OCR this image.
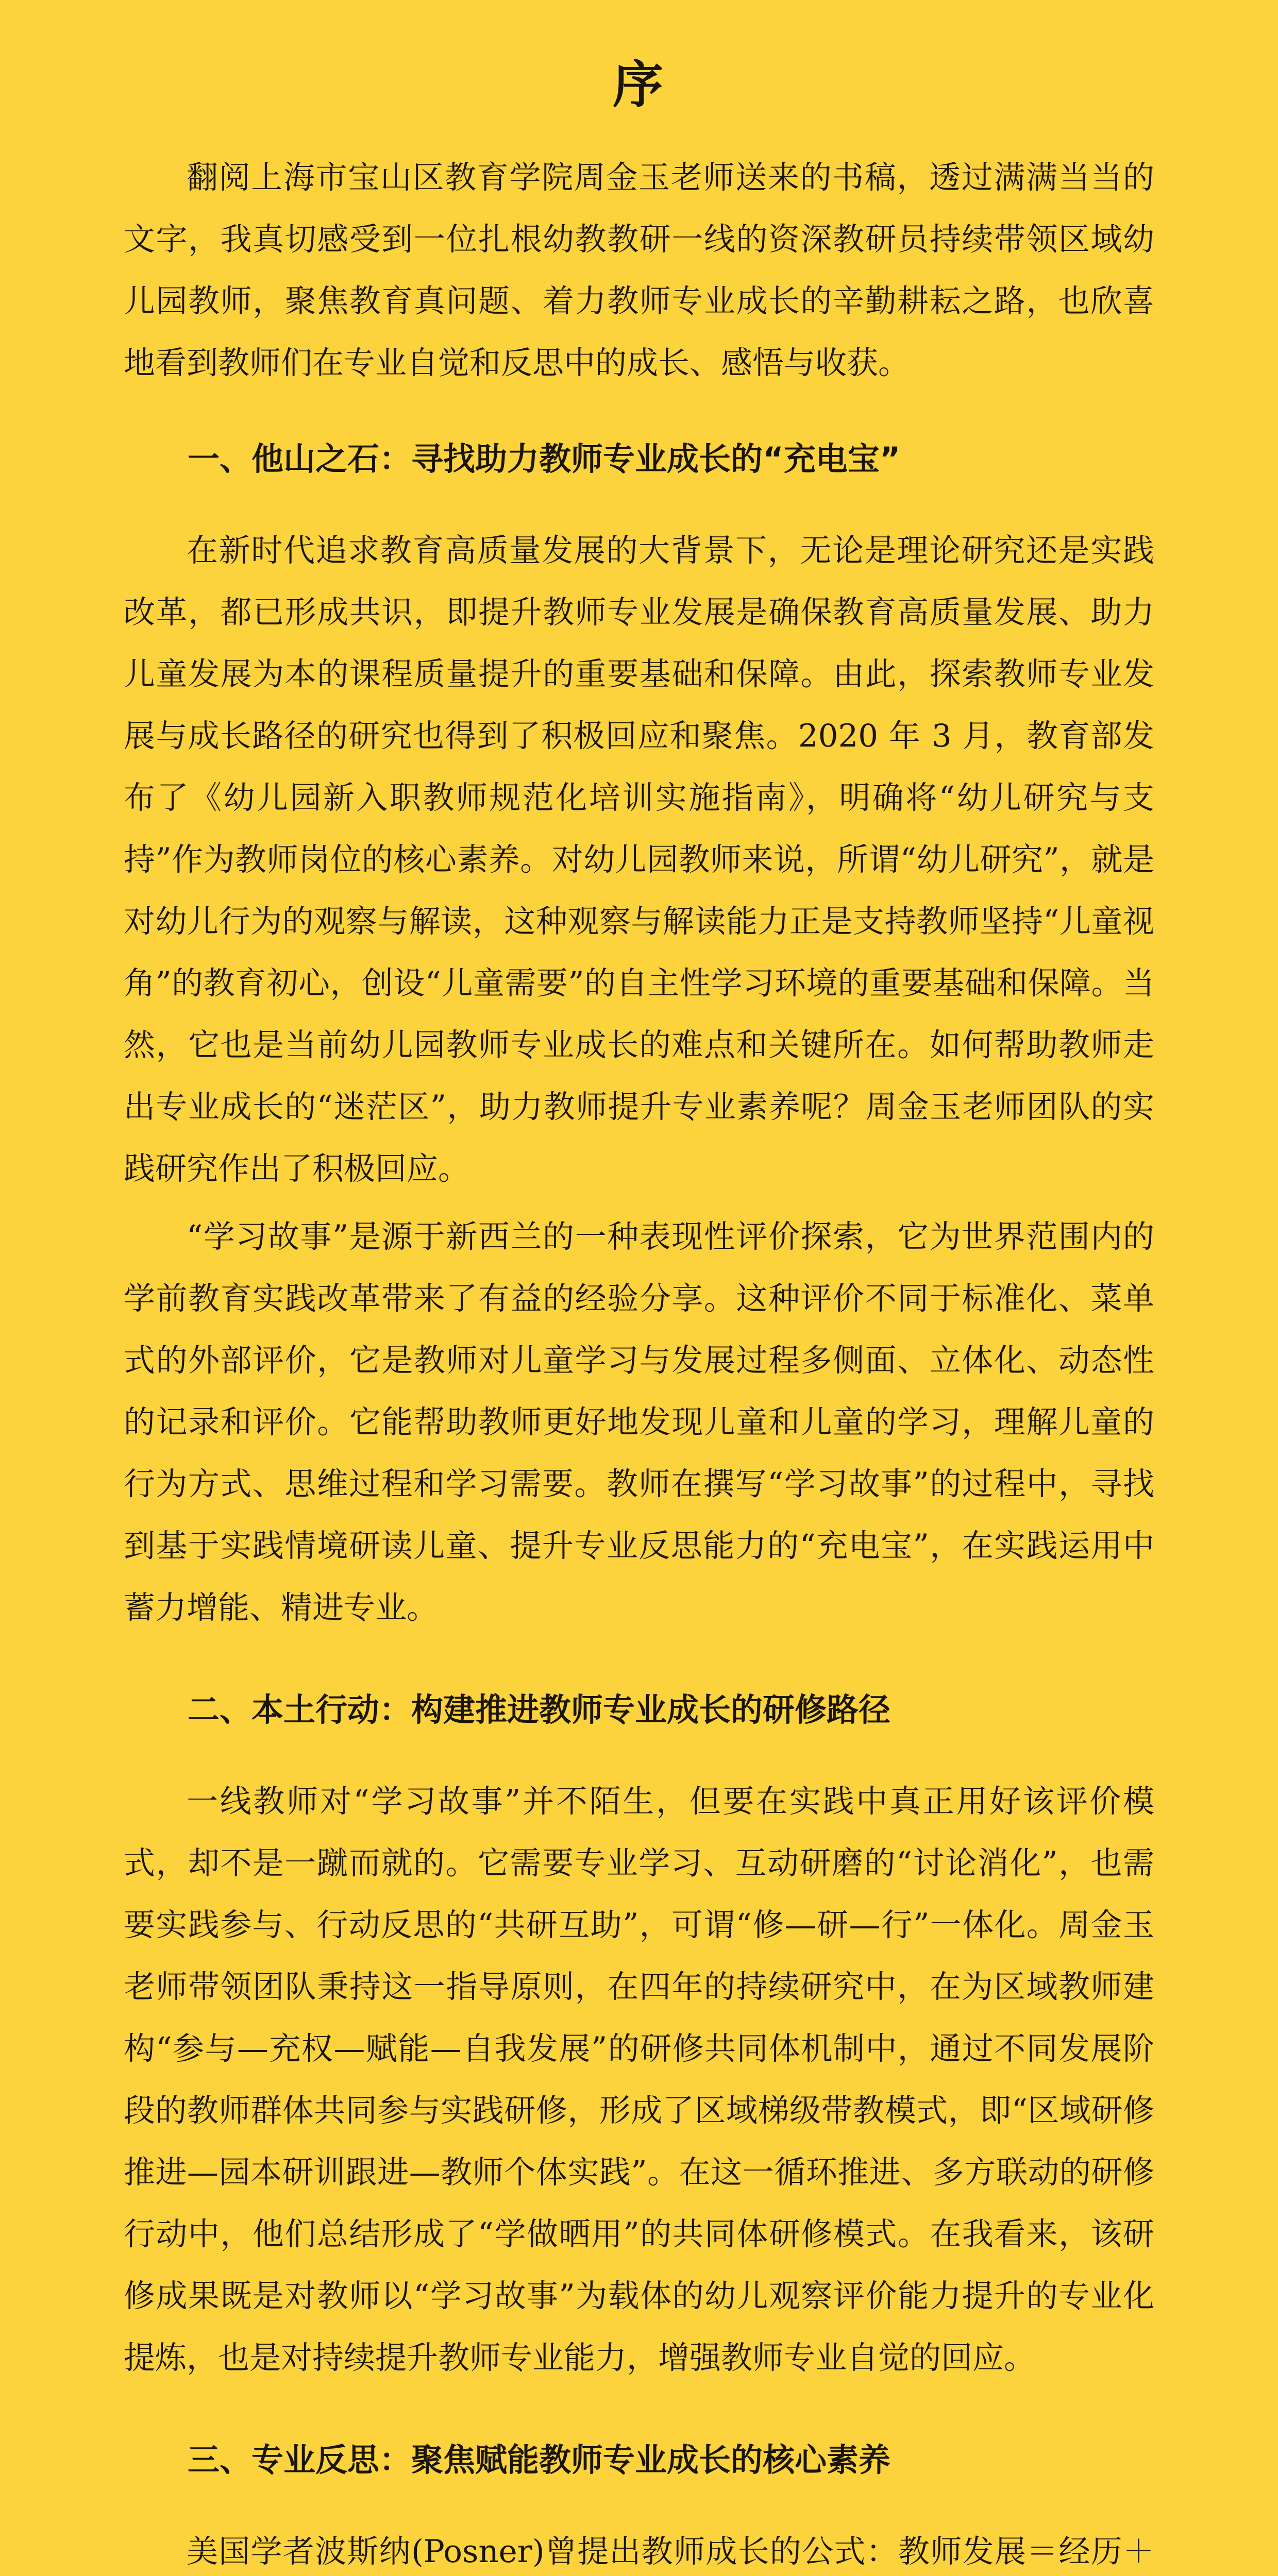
序

翻阅上海市宝山区教育学院周金玉老师送来的书稿，透过满满当当的文字，我真切感受到一位扎根幼教教研一线的资深教研员持续带领区域幼儿园教师，聚焦教育真问题、着力教师专业成长的辛勤耕耘之路，也欣喜地看到教师们在专业自觉和反思中的成长、感悟与收获。

一、他山之石：寻找助力教师专业成长的“充电宝”

在新时代追求教育高质量发展的大背景下，无论是理论研究还是实践改革，都已形成共识，即提升教师专业发展是确保教育高质量发展、助力儿童发展为本的课程质量提升的重要基础和保障。由此，探索教师专业发展与成长路径的研究也得到了积极回应和聚焦。2020 年 3 月，教育部发布了《幼儿园新入职教师规范化培训实施指南》，明确将“幼儿研究与支持”作为教师岗位的核心素养。对幼儿园教师来说，所谓“幼儿研究”，就是对幼儿行为的观察与解读，这种观察与解读能力正是支持教师坚持“儿童视角”的教育初心，创设“儿童需要”的自主性学习环境的重要基础和保障。当然，它也是当前幼儿园教师专业成长的难点和关键所在。如何帮助教师走出专业成长的“迷茫区”，助力教师提升专业素养呢？周金玉老师团队的实践研究作出了积极回应。

“学习故事”是源于新西兰的一种表现性评价探索，它为世界范围内的学前教育实践改革带来了有益的经验分享。这种评价不同于标准化、菜单式的外部评价，它是教师对儿童学习与发展过程多侧面、立体化、动态性的记录和评价。它能帮助教师更好地发现儿童和儿童的学习，理解儿童的行为方式、思维过程和学习需要。教师在撰写“学习故事”的过程中，寻找到基于实践情境研读儿童、提升专业反思能力的“充电宝”，在实践运用中蓄力增能、精进专业。

二、本土行动：构建推进教师专业成长的研修路径

一线教师对“学习故事”并不陌生，但要在实践中真正用好该评价模式，却不是一蹴而就的。它需要专业学习、互动研磨的“讨论消化”，也需要实践参与、行动反思的“共研互助”，可谓“修—研—行”一体化。周金玉老师带领团队秉持这一指导原则，在四年的持续研究中，在为区域教师建构“参与—充权—赋能—自我发展”的研修共同体机制中，通过不同发展阶段的教师群体共同参与实践研修，形成了区域梯级带教模式，即“区域研修推进—园本研训跟进—教师个体实践”。在这一循环推进、多方联动的研修行动中，他们总结形成了“学做晒用”的共同体研修模式。在我看来，该研修成果既是对教师以“学习故事”为载体的幼儿观察评价能力提升的专业化提炼，也是对持续提升教师专业能力，增强教师专业自觉的回应。

三、专业反思：聚焦赋能教师专业成长的核心素养

美国学者波斯纳(Posner)曾提出教师成长的公式：教师发展＝经历＋
